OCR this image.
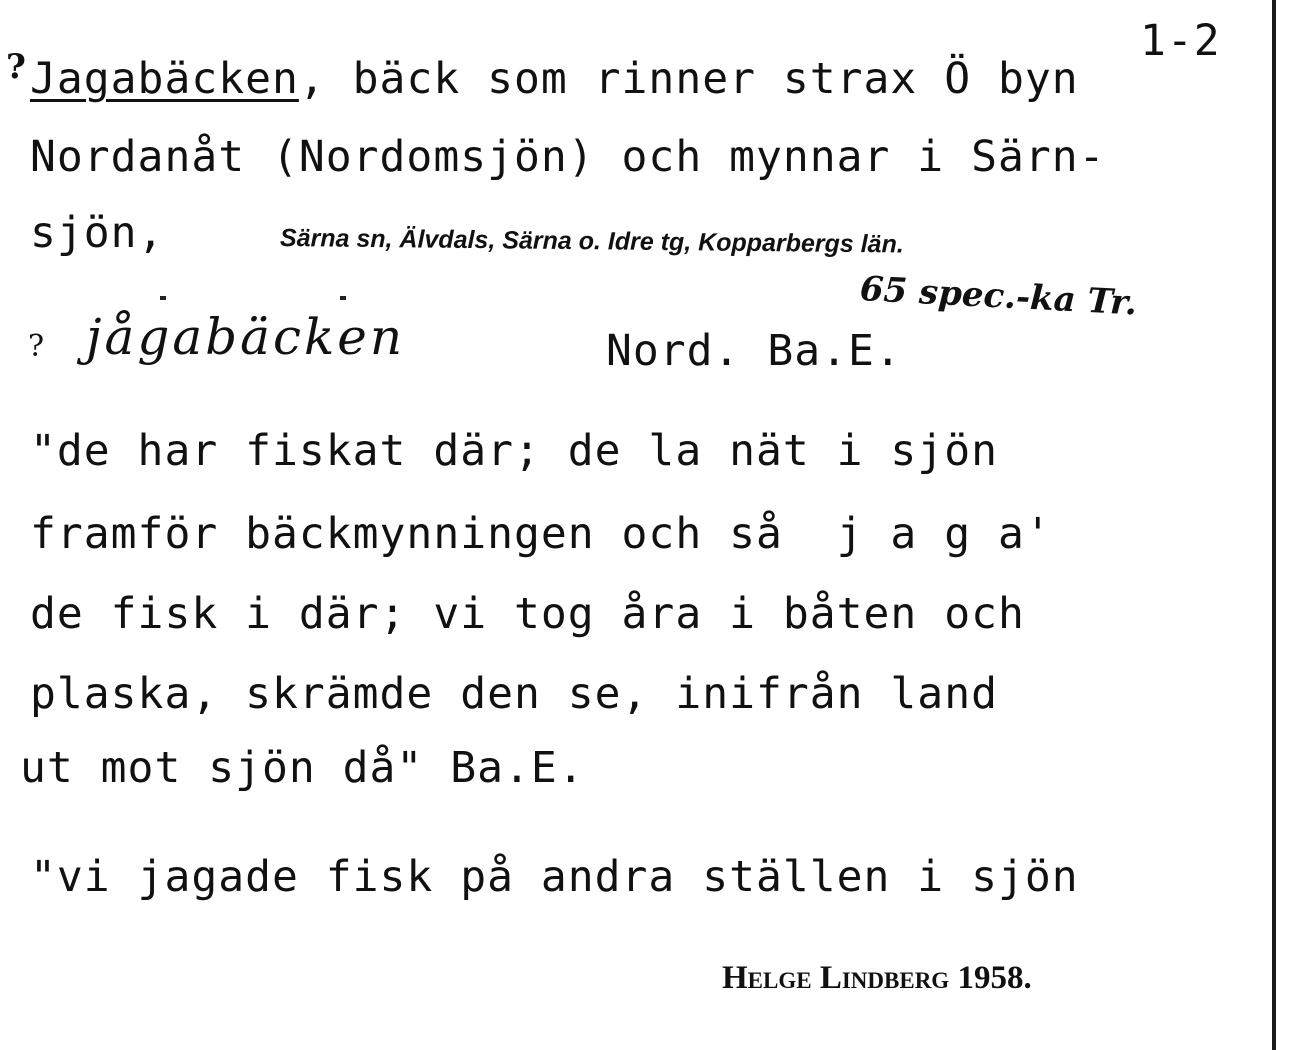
1-2
? Jagabäcken, bäck som rinner strax Ö byn
Nordanåt (Nordomsjön) och mynnar i Särn-
sjön,	Särna sn, Älvdals, Särna o. Idre tg, Kopparbergs län.
65 spec.-ka Tr.
? jågabäcken	Nord. Ba.E.
"de har fiskat där; de la nät i sjön
framför bäckmynningen och så  j a g a'
de fisk i där; vi tog åra i båten och
plaska, skrämde den se, inifrån land
ut mot sjön då" Ba.E.
"vi jagade fisk på andra ställen i sjön
Helge Lindberg 1958.
